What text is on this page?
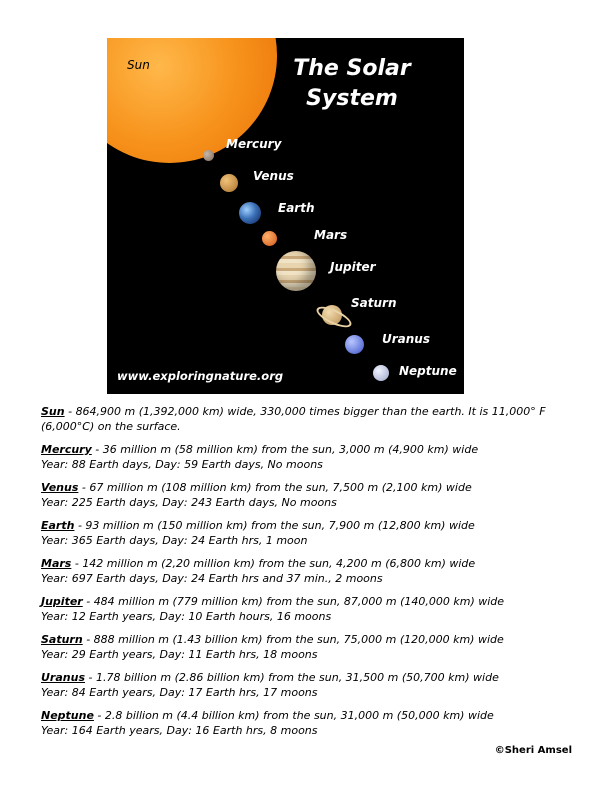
Sun	The Solar
System
Mercury
Venus
Earth
Mars
Jupiter
Saturn
Uranus
Neptune
www.exploringnature.org

Sun - 864,900 m (1,392,000 km) wide, 330,000 times bigger than the earth. It is 11,000° F (6,000°C) on the surface.

Mercury - 36 million m (58 million km) from the sun, 3,000 m (4,900 km) wide
Year: 88 Earth days, Day: 59 Earth days, No moons

Venus - 67 million m (108 million km) from the sun, 7,500 m (2,100 km) wide
Year: 225 Earth days, Day: 243 Earth days, No moons

Earth - 93 million m (150 million km) from the sun, 7,900 m (12,800 km) wide
Year: 365 Earth days, Day: 24 Earth hrs, 1 moon

Mars - 142 million m (2,20 million km) from the sun, 4,200 m (6,800 km) wide
Year: 697 Earth days, Day: 24 Earth hrs and 37 min., 2 moons

Jupiter - 484 million m (779 million km) from the sun, 87,000 m (140,000 km) wide
Year: 12 Earth years, Day: 10 Earth hours, 16 moons

Saturn - 888 million m (1.43 billion km) from the sun, 75,000 m (120,000 km) wide
Year: 29 Earth years, Day: 11 Earth hrs, 18 moons

Uranus - 1.78 billion m (2.86 billion km) from the sun, 31,500 m (50,700 km) wide
Year: 84 Earth years, Day: 17 Earth hrs, 17 moons

Neptune - 2.8 billion m (4.4 billion km) from the sun, 31,000 m (50,000 km) wide
Year: 164 Earth years, Day: 16 Earth hrs, 8 moons

©Sheri Amsel
